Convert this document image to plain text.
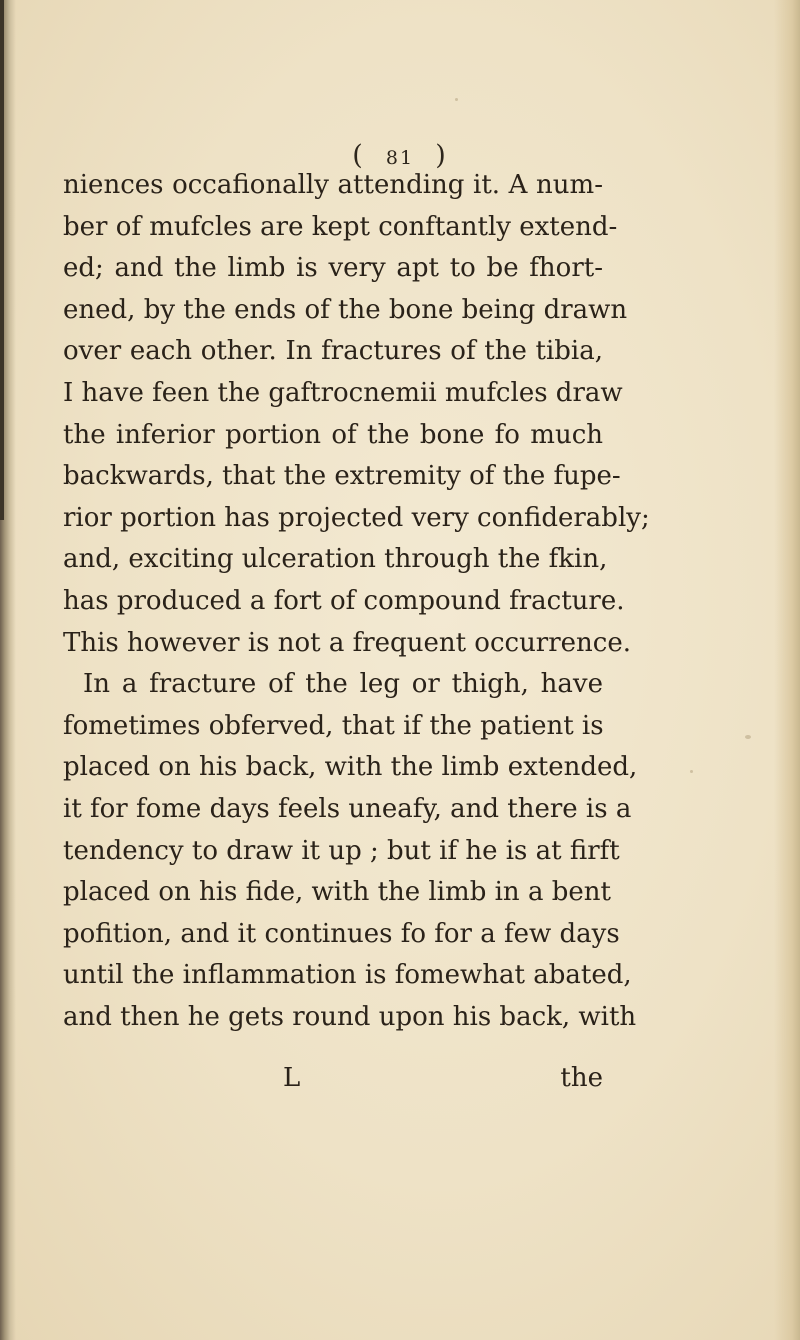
( 81 )
niences occafionally attending it. A num-
ber of mufcles are kept conftantly extend-
ed; and the limb is very apt to be fhort-
ened, by the ends of the bone being drawn
over each other. In fractures of the tibia,
I have feen the gaftrocnemii mufcles draw
the inferior portion of the bone fo much
backwards, that the extremity of the fupe-
rior portion has projected very confiderably;
and, exciting ulceration through the fkin,
has produced a fort of compound fracture.
This however is not a frequent occurrence.
In a fracture of the leg or thigh, have
fometimes obferved, that if the patient is
placed on his back, with the limb extended,
it for fome days feels uneafy, and there is a
tendency to draw it up ; but if he is at firft
placed on his fide, with the limb in a bent
pofition, and it continues fo for a few days
until the inflammation is fomewhat abated,
and then he gets round upon his back, with
L	the
